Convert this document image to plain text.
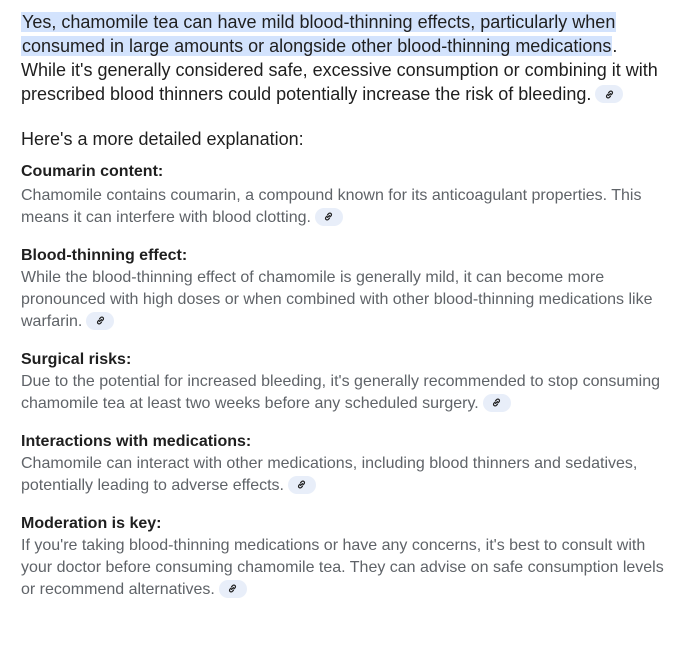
Yes, chamomile tea can have mild blood-thinning effects, particularly when
consumed in large amounts or alongside other blood-thinning medications. While it's generally considered safe, excessive consumption or combining it with prescribed blood thinners could potentially increase the risk of bleeding.

Here's a more detailed explanation:

Coumarin content:

Chamomile contains coumarin, a compound known for its anticoagulant properties. This means it can interfere with blood clotting.

Blood-thinning effect:

While the blood-thinning effect of chamomile is generally mild, it can become more pronounced with high doses or when combined with other blood-thinning medications like warfarin.

Surgical risks:

Due to the potential for increased bleeding, it's generally recommended to stop consuming chamomile tea at least two weeks before any scheduled surgery.

Interactions with medications:

Chamomile can interact with other medications, including blood thinners and sedatives, potentially leading to adverse effects.

Moderation is key:

If you're taking blood-thinning medications or have any concerns, it's best to consult with your doctor before consuming chamomile tea. They can advise on safe consumption levels or recommend alternatives.
